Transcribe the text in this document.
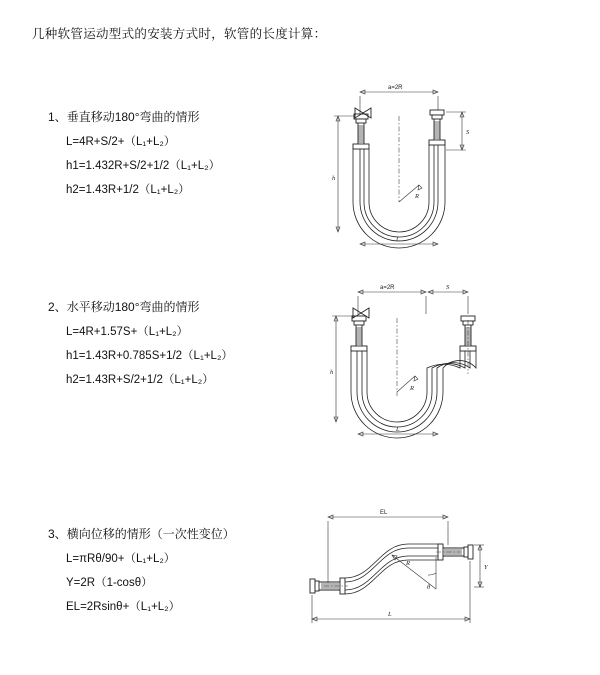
几种软管运动型式的安装方式时，软管的长度计算：
1、垂直移动180°弯曲的情形
L=4R+S/2+（L₁+L₂）
h1=1.432R+S/2+1/2（L₁+L₂）
h2=1.43R+1/2（L₁+L₂）
a=2R
R
h
S
L
2、水平移动180°弯曲的情形
L=4R+1.57S+（L₁+L₂）
h1=1.43R+0.785S+1/2（L₁+L₂）
h2=1.43R+S/2+1/2（L₁+L₂）
a=2R	S
R
h
L
3、横向位移的情形（一次性变位）
L=πRθ/90+（L₁+L₂）
Y=2R（1-cosθ）
EL=2Rsinθ+（L₁+L₂）
EL
R
θ
Y
L
